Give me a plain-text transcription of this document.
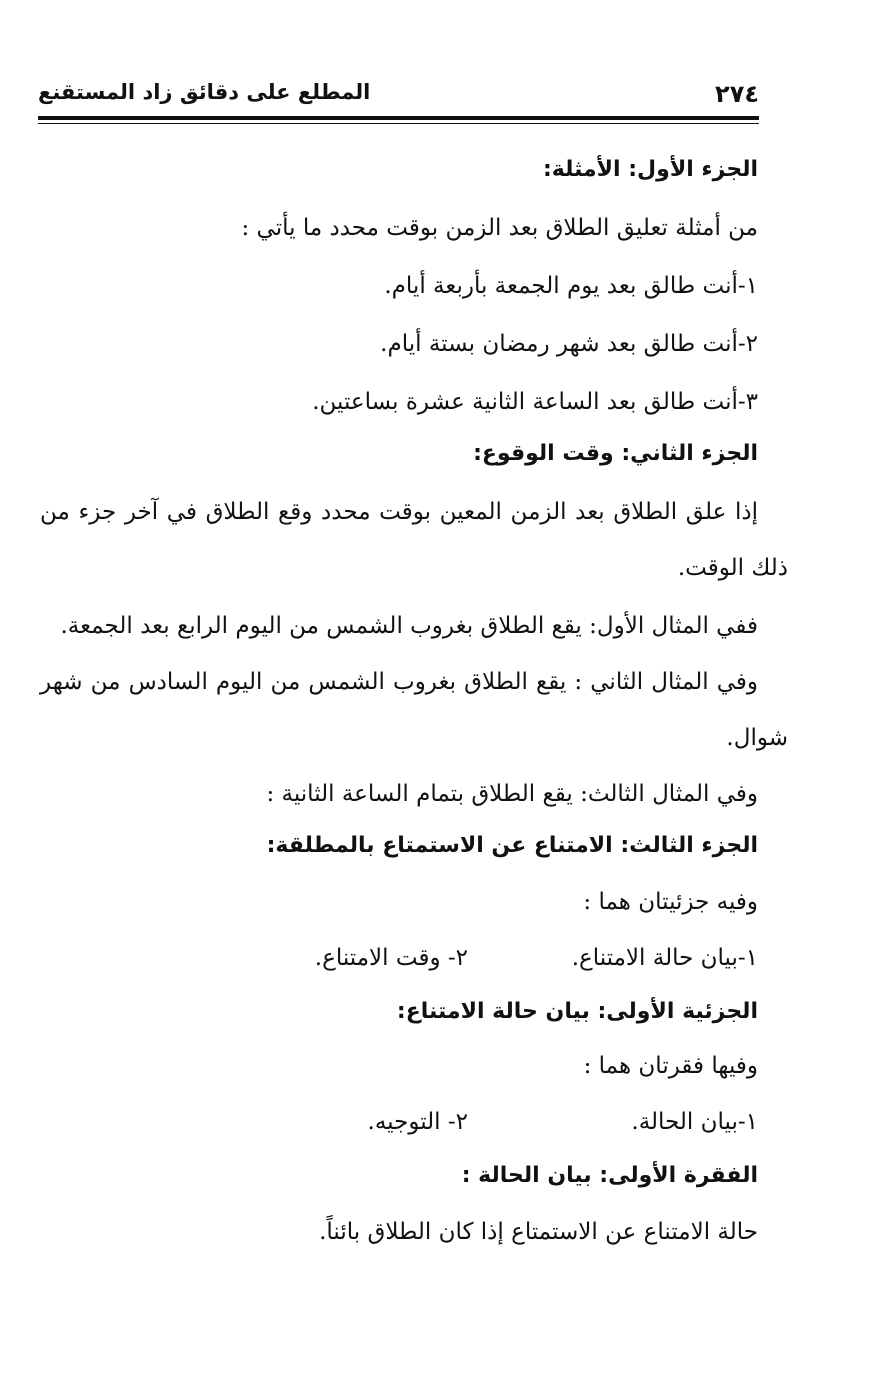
٢٧٤
المطلع على دقائق زاد المستقنع
الجزء الأول: الأمثلة:
من أمثلة تعليق الطلاق بعد الزمن بوقت محدد ما يأتي :
١-أنت طالق بعد يوم الجمعة بأربعة أيام.
٢-أنت طالق بعد شهر رمضان بستة أيام.
٣-أنت طالق بعد الساعة الثانية عشرة بساعتين.
الجزء الثاني: وقت الوقوع:
إذا علق الطلاق بعد الزمن المعين بوقت محدد وقع الطلاق في آخر جزء من
ذلك الوقت.
ففي المثال الأول: يقع الطلاق بغروب الشمس من اليوم الرابع بعد الجمعة.
وفي المثال الثاني : يقع الطلاق بغروب الشمس من اليوم السادس من شهر
شوال.
وفي المثال الثالث: يقع الطلاق بتمام الساعة الثانية :
الجزء الثالث: الامتناع عن الاستمتاع بالمطلقة:
وفيه جزئيتان هما :
١-بيان حالة الامتناع.
٢- وقت الامتناع.
الجزئية الأولى: بيان حالة الامتناع:
وفيها فقرتان هما :
١-بيان الحالة.
٢- التوجيه.
الفقرة الأولى: بيان الحالة :
حالة الامتناع عن الاستمتاع إذا كان الطلاق بائناً.
